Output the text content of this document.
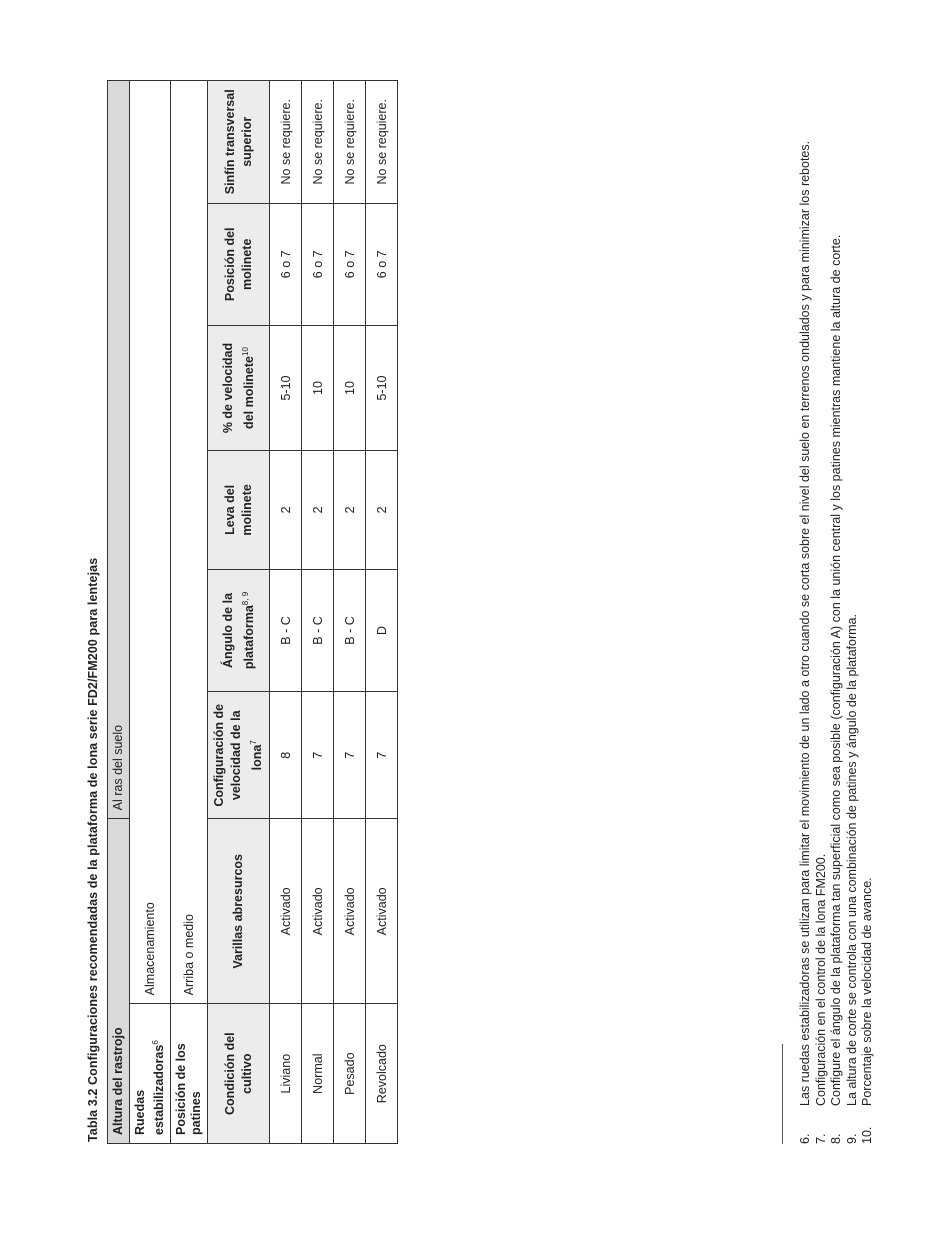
Tabla 3.2 Configuraciones recomendadas de la plataforma de lona serie FD2/FM200 para lentejas Altura del rastrojo		Al ras del suelo					
Ruedas estabilizadoras$^6$	Almacenamiento						
Posición de los patines	Arriba o medio						
Condición del cultivo	Varillas abresurcos	Configuración de velocidad de la lona$^7$	Ángulo de la plataforma$^{8, 9}$	Leva del molinete	% de velocidad del molinete$^{10}$	Posición del molinete	Sinfín transversal superior
Liviano	Activado	8	B - C	2	5-10	6 o 7	No se requiere.
Normal	Activado	7	B - C	2	10	6 o 7	No se requiere.
Pesado	Activado	7	B - C	2	10	6 o 7	No se requiere.
Revolcado	Activado	7	D	2	5-10	6 o 7	No se requiere.

6.
Las ruedas estabilizadoras se utilizan para limitar el movimiento de un lado a otro cuando se corta sobre el nivel del suelo en terrenos ondulados y para minimizar los rebotes.

7.
Configuración en el control de la lona FM200.

8.
Configure el ángulo de la plataforma tan superficial como sea posible (configuración A) con la unión central y los patines mientras mantiene la altura de corte.

9.
La altura de corte se controla con una combinación de patines y ángulo de la plataforma.

10.
Porcentaje sobre la velocidad de avance.
